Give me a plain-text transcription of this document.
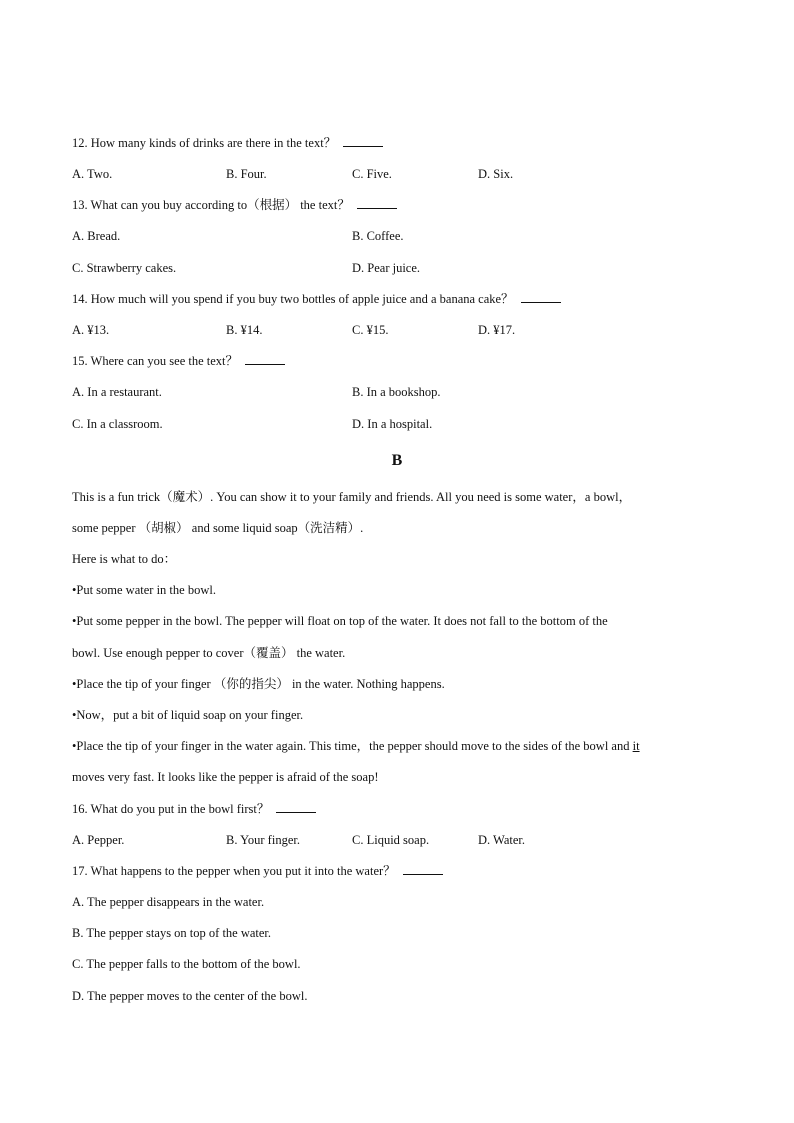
12. How many kinds of drinks are there in the text？
A. Two.	B. Four.	C. Five.	D. Six.
13. What can you buy according to（根据） the text？
A. Bread.	B. Coffee.
C. Strawberry cakes.	D. Pear juice.
14. How much will you spend if you buy two bottles of apple juice and a banana cake？
A. ¥13.	B. ¥14.	C. ¥15.	D. ¥17.
15. Where can you see the text？
A. In a restaurant.	B. In a bookshop.
C. In a classroom.	D. In a hospital.
B
This is a fun trick（魔术）. You can show it to your family and friends. All you need is some water，a bowl，
some pepper （胡椒） and some liquid soap（洗洁精）.
Here is what to do：
•Put some water in the bowl.
•Put some pepper in the bowl. The pepper will float on top of the water. It does not fall to the bottom of the
bowl. Use enough pepper to cover（覆盖） the water.
•Place the tip of your finger （你的指尖） in the water. Nothing happens.
•Now，put a bit of liquid soap on your finger.
•Place the tip of your finger in the water again. This time，the pepper should move to the sides of the bowl and it
moves very fast. It looks like the pepper is afraid of the soap!
16. What do you put in the bowl first？
A. Pepper.	B. Your finger.	C. Liquid soap.	D. Water.
17. What happens to the pepper when you put it into the water？
A. The pepper disappears in the water.
B. The pepper stays on top of the water.
C. The pepper falls to the bottom of the bowl.
D. The pepper moves to the center of the bowl.
